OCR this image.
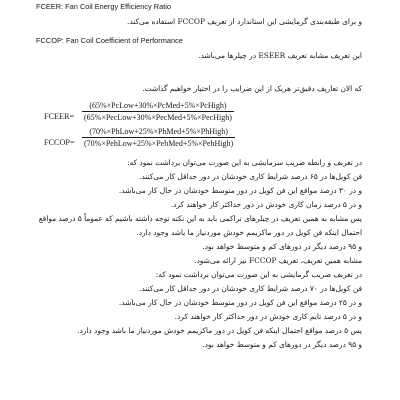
FCEER: Fan Coil Energy Efficiency Ratio
و برای طبقه‌بندی گرمایشی این استاندارد از تعریف FCCOP استفاده می‌کند.
FCCOP: Fan Coil Coefficient of Performance
این تعریف مشابه تعریف ESEER در چیلرها می‌باشد.
که الان تعاریف دقیق‌تر هریک از این ضرایب را در اختیار خواهیم گذاشت.
FCEER=
(65%×PcLow+30%×PcMed+5%×PcHigh)
(65%×PecLow+30%×PecMed+5%×PecHigh)
FCCOP=
(70%×PhLow+25%×PhMed+5%×PhHigh)
(70%×PehLow+25%×PehMed+5%×PehHigh)
در تعریف و رابطه ضریب سرمایشی به این صورت می‌توان برداشت نمود که:
فن کویل‌ها در ۶۵ درصد شرایط کاری خودشان در دور حداقل کار می‌کنند.
و در ۳۰ درصد مواقع این فن کویل در دور متوسط خودشان در حال کار می‌باشد.
و در ۵ درصد زمان کاری خودش در دور حداکثر کار خواهند کرد.
پس مشابه به همین تعریف در چیلرهای تراکمی باید به این نکته توجه داشته باشیم که عموماً ۵ درصد مواقع
احتمال اینکه فن کویل در دور ماکزیمم خودش موردنیاز ما باشد وجود دارد.
و ۹۵ درصد دیگر در دورهای کم و متوسط خواهد بود.
مشابه همین تعریف، تعریف FCCOP نیز ارائه می‌شود.
در تعریف ضریب گرمایشی به این صورت می‌توان برداشت نمود که:
فن کویل‌ها در ۷۰ درصد شرایط کاری خودشان در دور حداقل کار می‌کنند.
و در ۲۵ درصد مواقع این فن کویل در دور متوسط خودشان در حال کار می‌باشد.
و در ۵ درصد تایم کاری خودش در دور حداکثر کار خواهند کرد.
پس ۵ درصد مواقع احتمال اینکه فن کویل در دور ماکزیمم خودش موردنیاز ما باشد وجود دارد.
و ۹۵ درصد دیگر در دورهای کم و متوسط خواهد بود.
